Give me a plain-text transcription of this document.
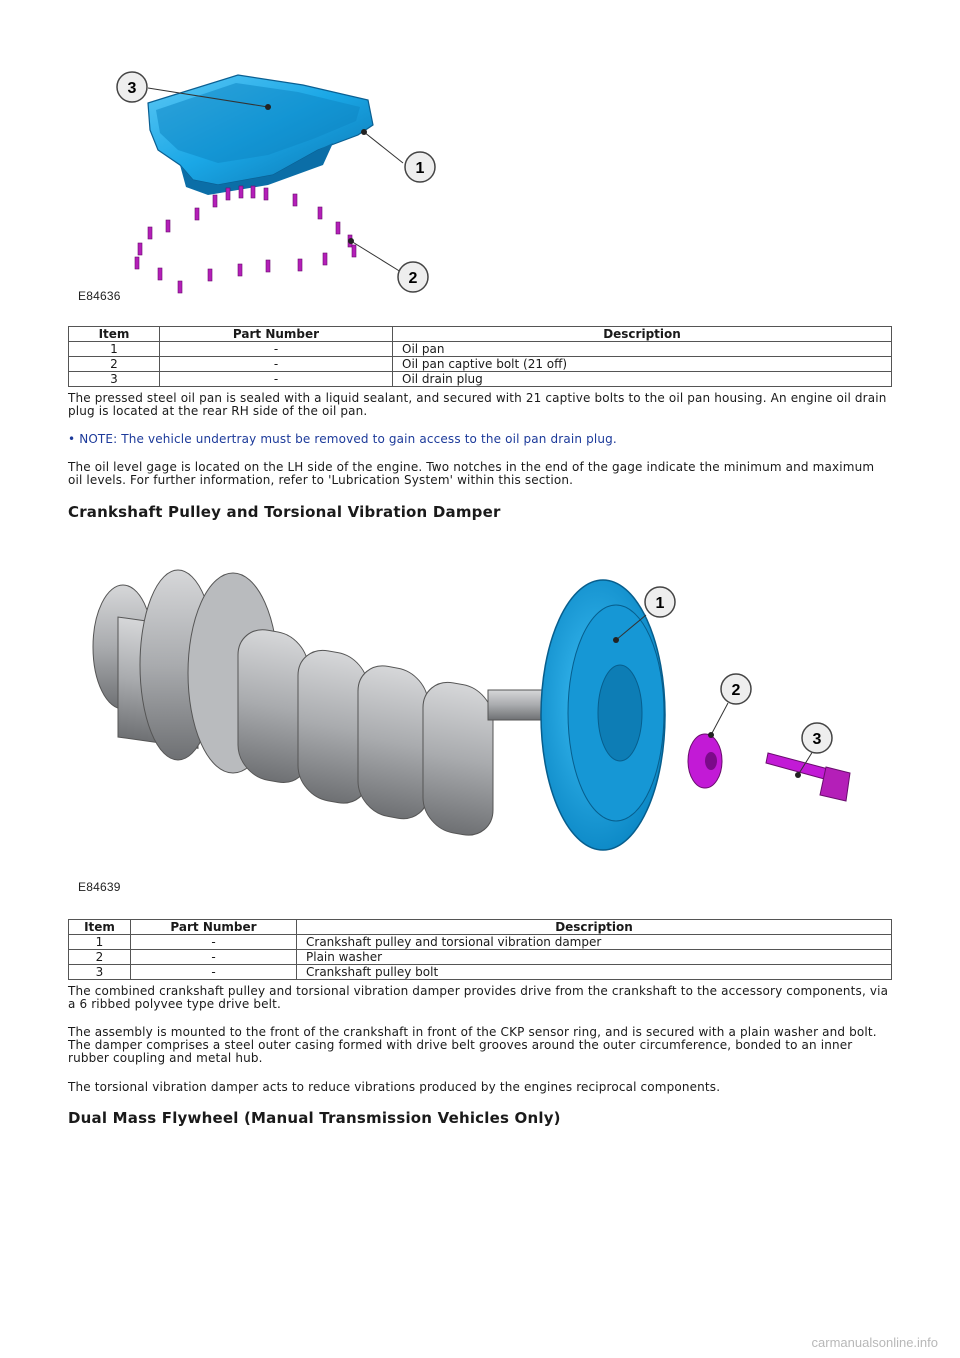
3
1
2
E84636
Item	Part Number	Description
1	-	Oil pan
2	-	Oil pan captive bolt (21 off)
3	-	Oil drain plug

The pressed steel oil pan is sealed with a liquid sealant, and secured with 21 captive bolts to the oil pan housing. An engine oil drain plug is located at the rear RH side of the oil pan.

• NOTE: The vehicle undertray must be removed to gain access to the oil pan drain plug.

The oil level gage is located on the LH side of the engine. Two notches in the end of the gage indicate the minimum and maximum oil levels. For further information, refer to 'Lubrication System' within this section.

Crankshaft Pulley and Torsional Vibration Damper
1
2
3
E84639
Item	Part Number	Description
1	-	Crankshaft pulley and torsional vibration damper
2	-	Plain washer
3	-	Crankshaft pulley bolt

The combined crankshaft pulley and torsional vibration damper provides drive from the crankshaft to the accessory components, via a 6 ribbed polyvee type drive belt.

The assembly is mounted to the front of the crankshaft in front of the CKP sensor ring, and is secured with a plain washer and bolt. The damper comprises a steel outer casing formed with drive belt grooves around the outer circumference, bonded to an inner rubber coupling and metal hub.

The torsional vibration damper acts to reduce vibrations produced by the engines reciprocal components.

Dual Mass Flywheel (Manual Transmission Vehicles Only)
carmanualsonline.info
